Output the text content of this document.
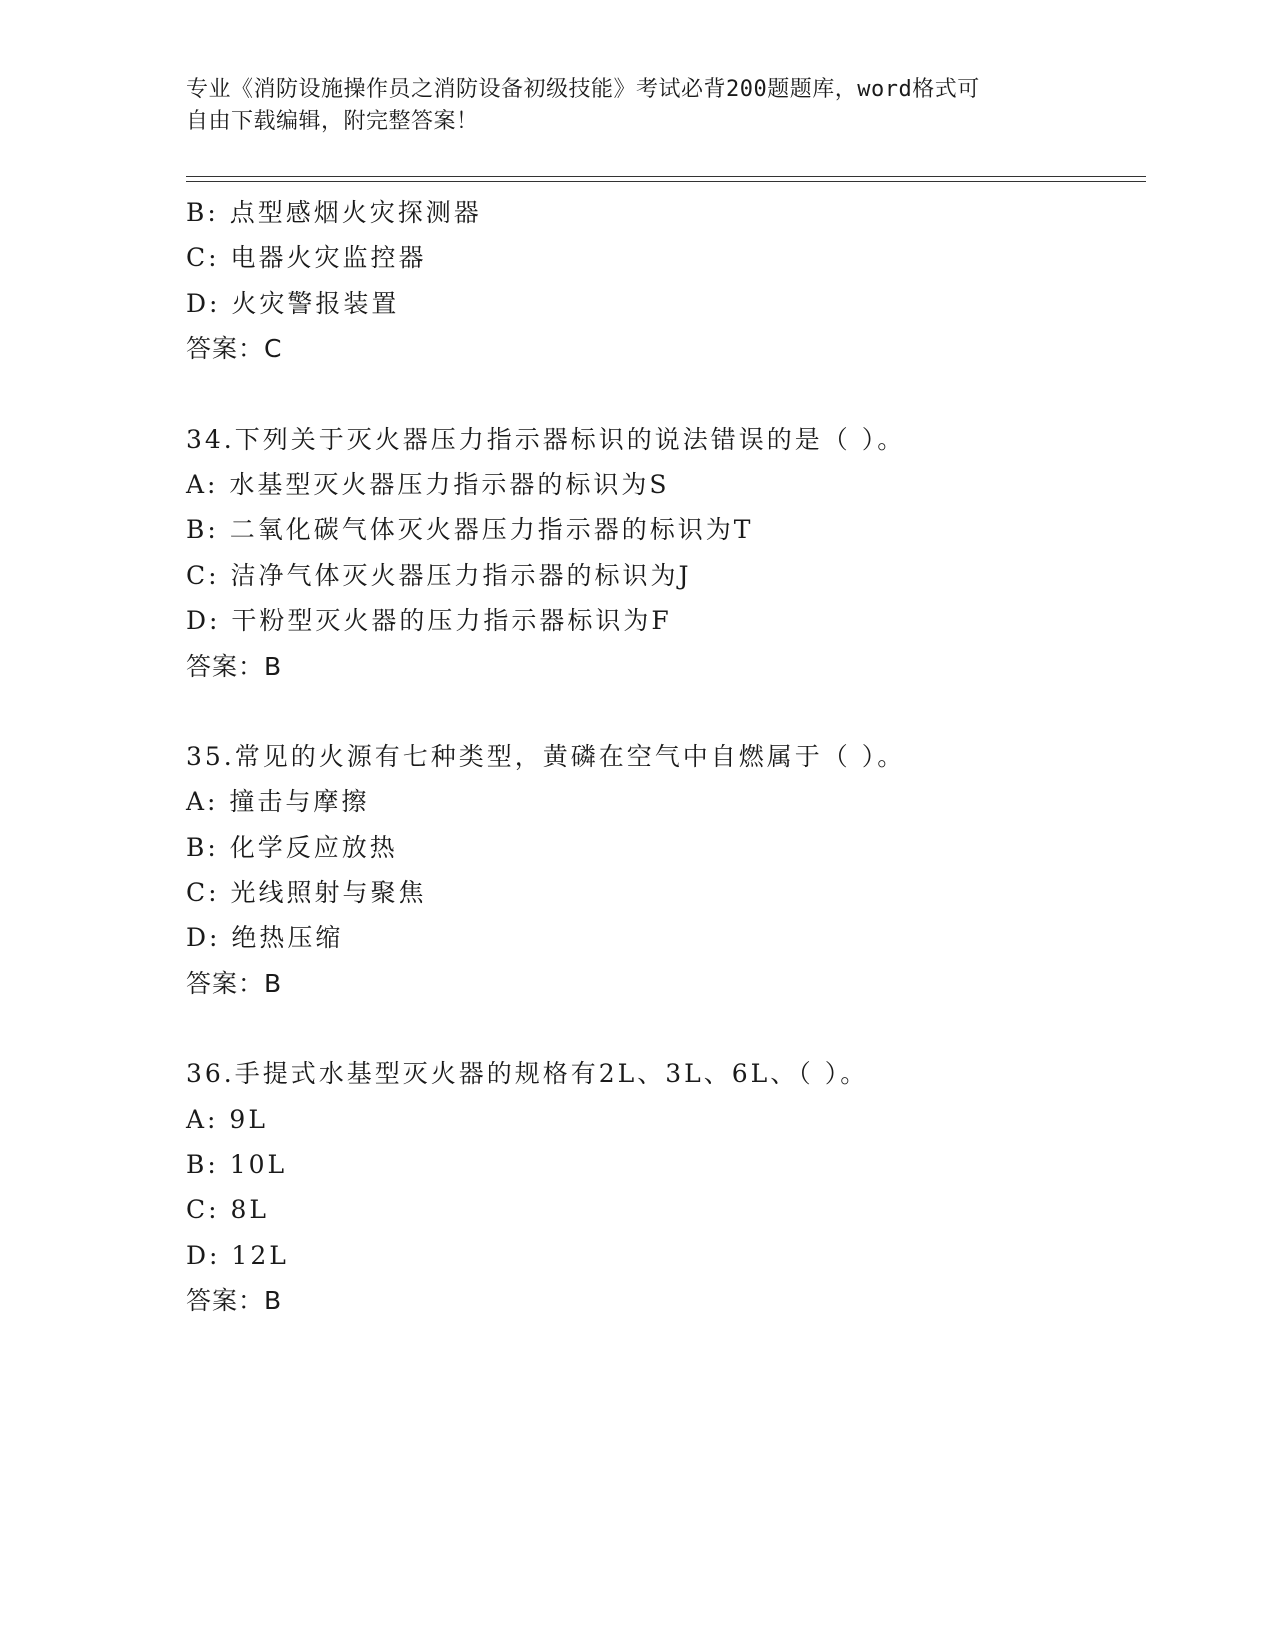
专业《消防设施操作员之消防设备初级技能》考试必背200题题库，word格式可
自由下载编辑，附完整答案！
B: 点型感烟火灾探测器
C: 电器火灾监控器
D: 火灾警报装置
答案：C
34.下列关于灭火器压力指示器标识的说法错误的是（ ）。
A: 水基型灭火器压力指示器的标识为S
B: 二氧化碳气体灭火器压力指示器的标识为T
C: 洁净气体灭火器压力指示器的标识为J
D: 干粉型灭火器的压力指示器标识为F
答案：B
35.常见的火源有七种类型，黄磷在空气中自燃属于（ ）。
A: 撞击与摩擦
B: 化学反应放热
C: 光线照射与聚焦
D: 绝热压缩
答案：B
36.手提式水基型灭火器的规格有2L、3L、6L、（ ）。
A: 9L
B: 10L
C: 8L
D: 12L
答案：B
